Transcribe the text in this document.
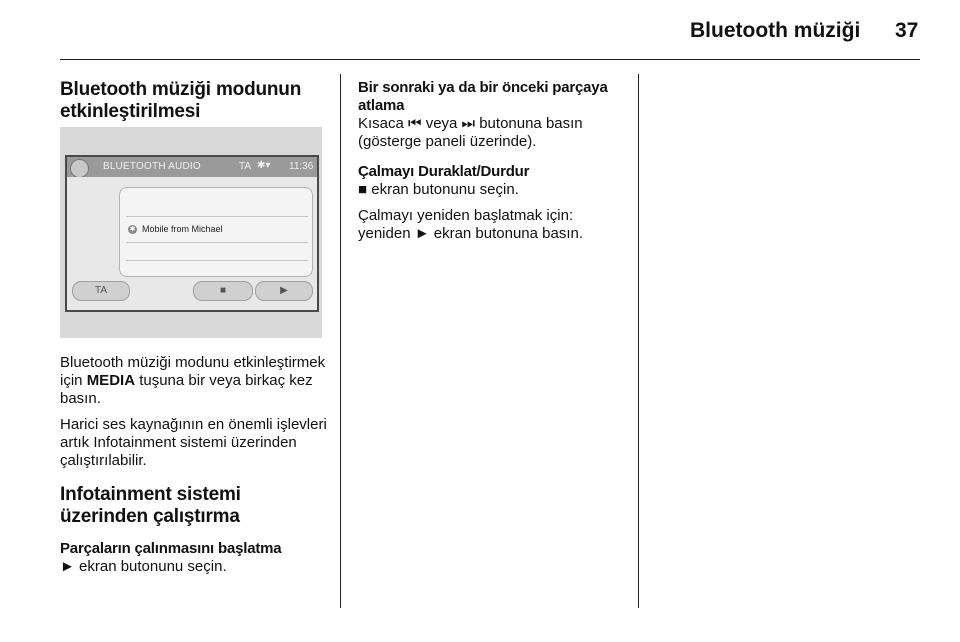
Bluetooth müziği 37
Bluetooth müziği modunun etkinleştirilmesi
BLUETOOTH AUDIO	TA ✱▾ 11:36
✱ Mobile from Michael
TA	■	▶

Bluetooth müziği modunu etkinleştirmek için MEDIA tuşuna bir veya birkaç kez basın.

Harici ses kaynağının en önemli işlevleri artık Infotainment sistemi üzerinden çalıştırılabilir.

Infotainment sistemi üzerinden çalıştırma
Parçaların çalınmasını başlatma
► ekran butonunu seçin.
Bir sonraki ya da bir önceki parçaya atlama

Kısaca ⏮ veya ⏭ butonuna basın (gösterge paneli üzerinde).

Çalmayı Duraklat/Durdur

■ ekran butonunu seçin.

Çalmayı yeniden başlatmak için: yeniden ► ekran butonuna basın.
